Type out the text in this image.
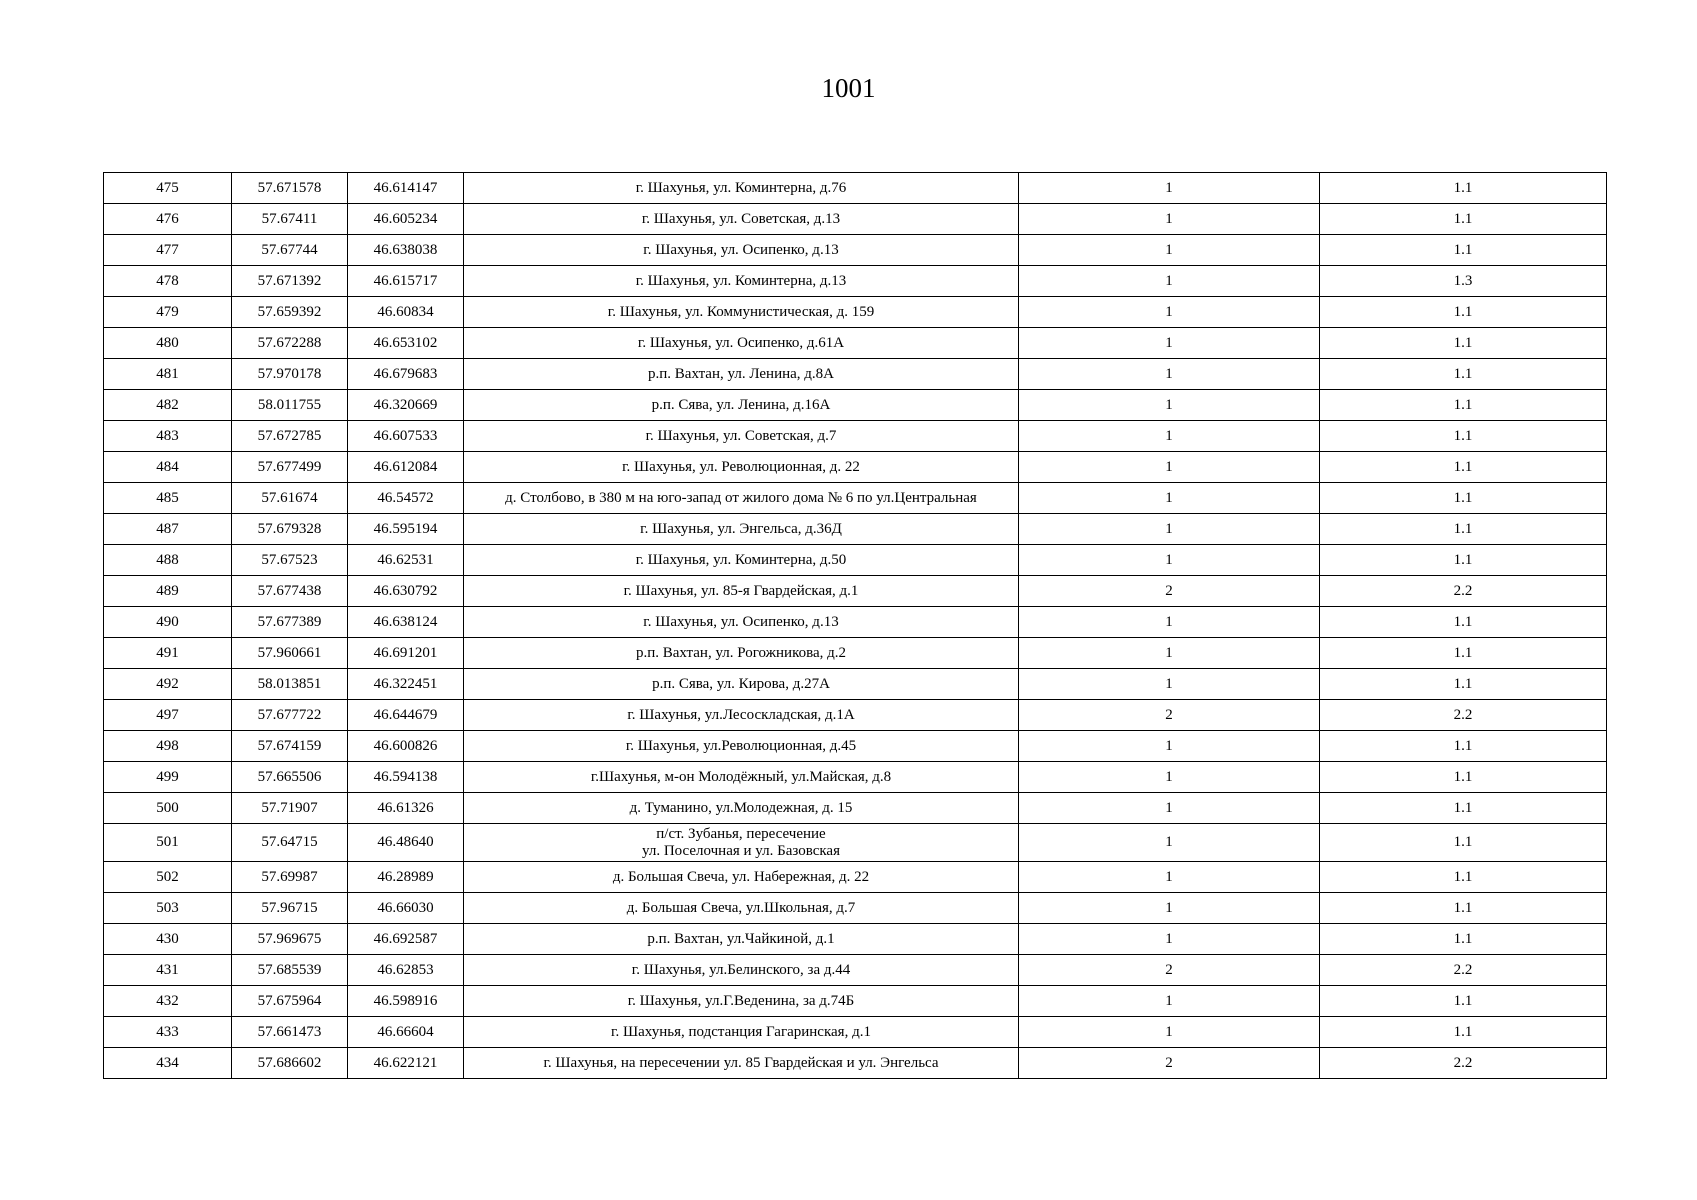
1001
475	57.671578	46.614147	г. Шахунья, ул. Коминтерна, д.76	1	1.1
476	57.67411	46.605234	г. Шахунья, ул. Советская, д.13	1	1.1
477	57.67744	46.638038	г. Шахунья, ул. Осипенко, д.13	1	1.1
478	57.671392	46.615717	г. Шахунья, ул. Коминтерна, д.13	1	1.3
479	57.659392	46.60834	г. Шахунья, ул. Коммунистическая, д. 159	1	1.1
480	57.672288	46.653102	г. Шахунья, ул. Осипенко, д.61А	1	1.1
481	57.970178	46.679683	р.п. Вахтан, ул. Ленина, д.8А	1	1.1
482	58.011755	46.320669	р.п. Сява, ул. Ленина, д.16А	1	1.1
483	57.672785	46.607533	г. Шахунья, ул. Советская, д.7	1	1.1
484	57.677499	46.612084	г. Шахунья, ул. Революционная, д. 22	1	1.1
485	57.61674	46.54572	д. Столбово, в 380 м на юго-запад от жилого дома № 6 по ул.Центральная	1	1.1
487	57.679328	46.595194	г. Шахунья, ул. Энгельса, д.36Д	1	1.1
488	57.67523	46.62531	г. Шахунья, ул. Коминтерна, д.50	1	1.1
489	57.677438	46.630792	г. Шахунья, ул. 85-я Гвардейская, д.1	2	2.2
490	57.677389	46.638124	г. Шахунья, ул. Осипенко, д.13	1	1.1
491	57.960661	46.691201	р.п. Вахтан, ул. Рогожникова, д.2	1	1.1
492	58.013851	46.322451	р.п. Сява, ул. Кирова, д.27А	1	1.1
497	57.677722	46.644679	г. Шахунья, ул.Лесоскладская, д.1А	2	2.2
498	57.674159	46.600826	г. Шахунья, ул.Революционная, д.45	1	1.1
499	57.665506	46.594138	г.Шахунья, м-он Молодёжный, ул.Майская, д.8	1	1.1
500	57.71907	46.61326	д. Туманино, ул.Молодежная, д. 15	1	1.1
501	57.64715	46.48640	п/ст. Зубанья, пересечение
ул. Поселочная и ул. Базовская	1	1.1
502	57.69987	46.28989	д. Большая Свеча, ул. Набережная, д. 22	1	1.1
503	57.96715	46.66030	д. Большая Свеча, ул.Школьная, д.7	1	1.1
430	57.969675	46.692587	р.п. Вахтан, ул.Чайкиной, д.1	1	1.1
431	57.685539	46.62853	г. Шахунья, ул.Белинского, за д.44	2	2.2
432	57.675964	46.598916	г. Шахунья, ул.Г.Веденина, за д.74Б	1	1.1
433	57.661473	46.66604	г. Шахунья, подстанция Гагаринская, д.1	1	1.1
434	57.686602	46.622121	г. Шахунья, на пересечении ул. 85 Гвардейская и ул. Энгельса	2	2.2
